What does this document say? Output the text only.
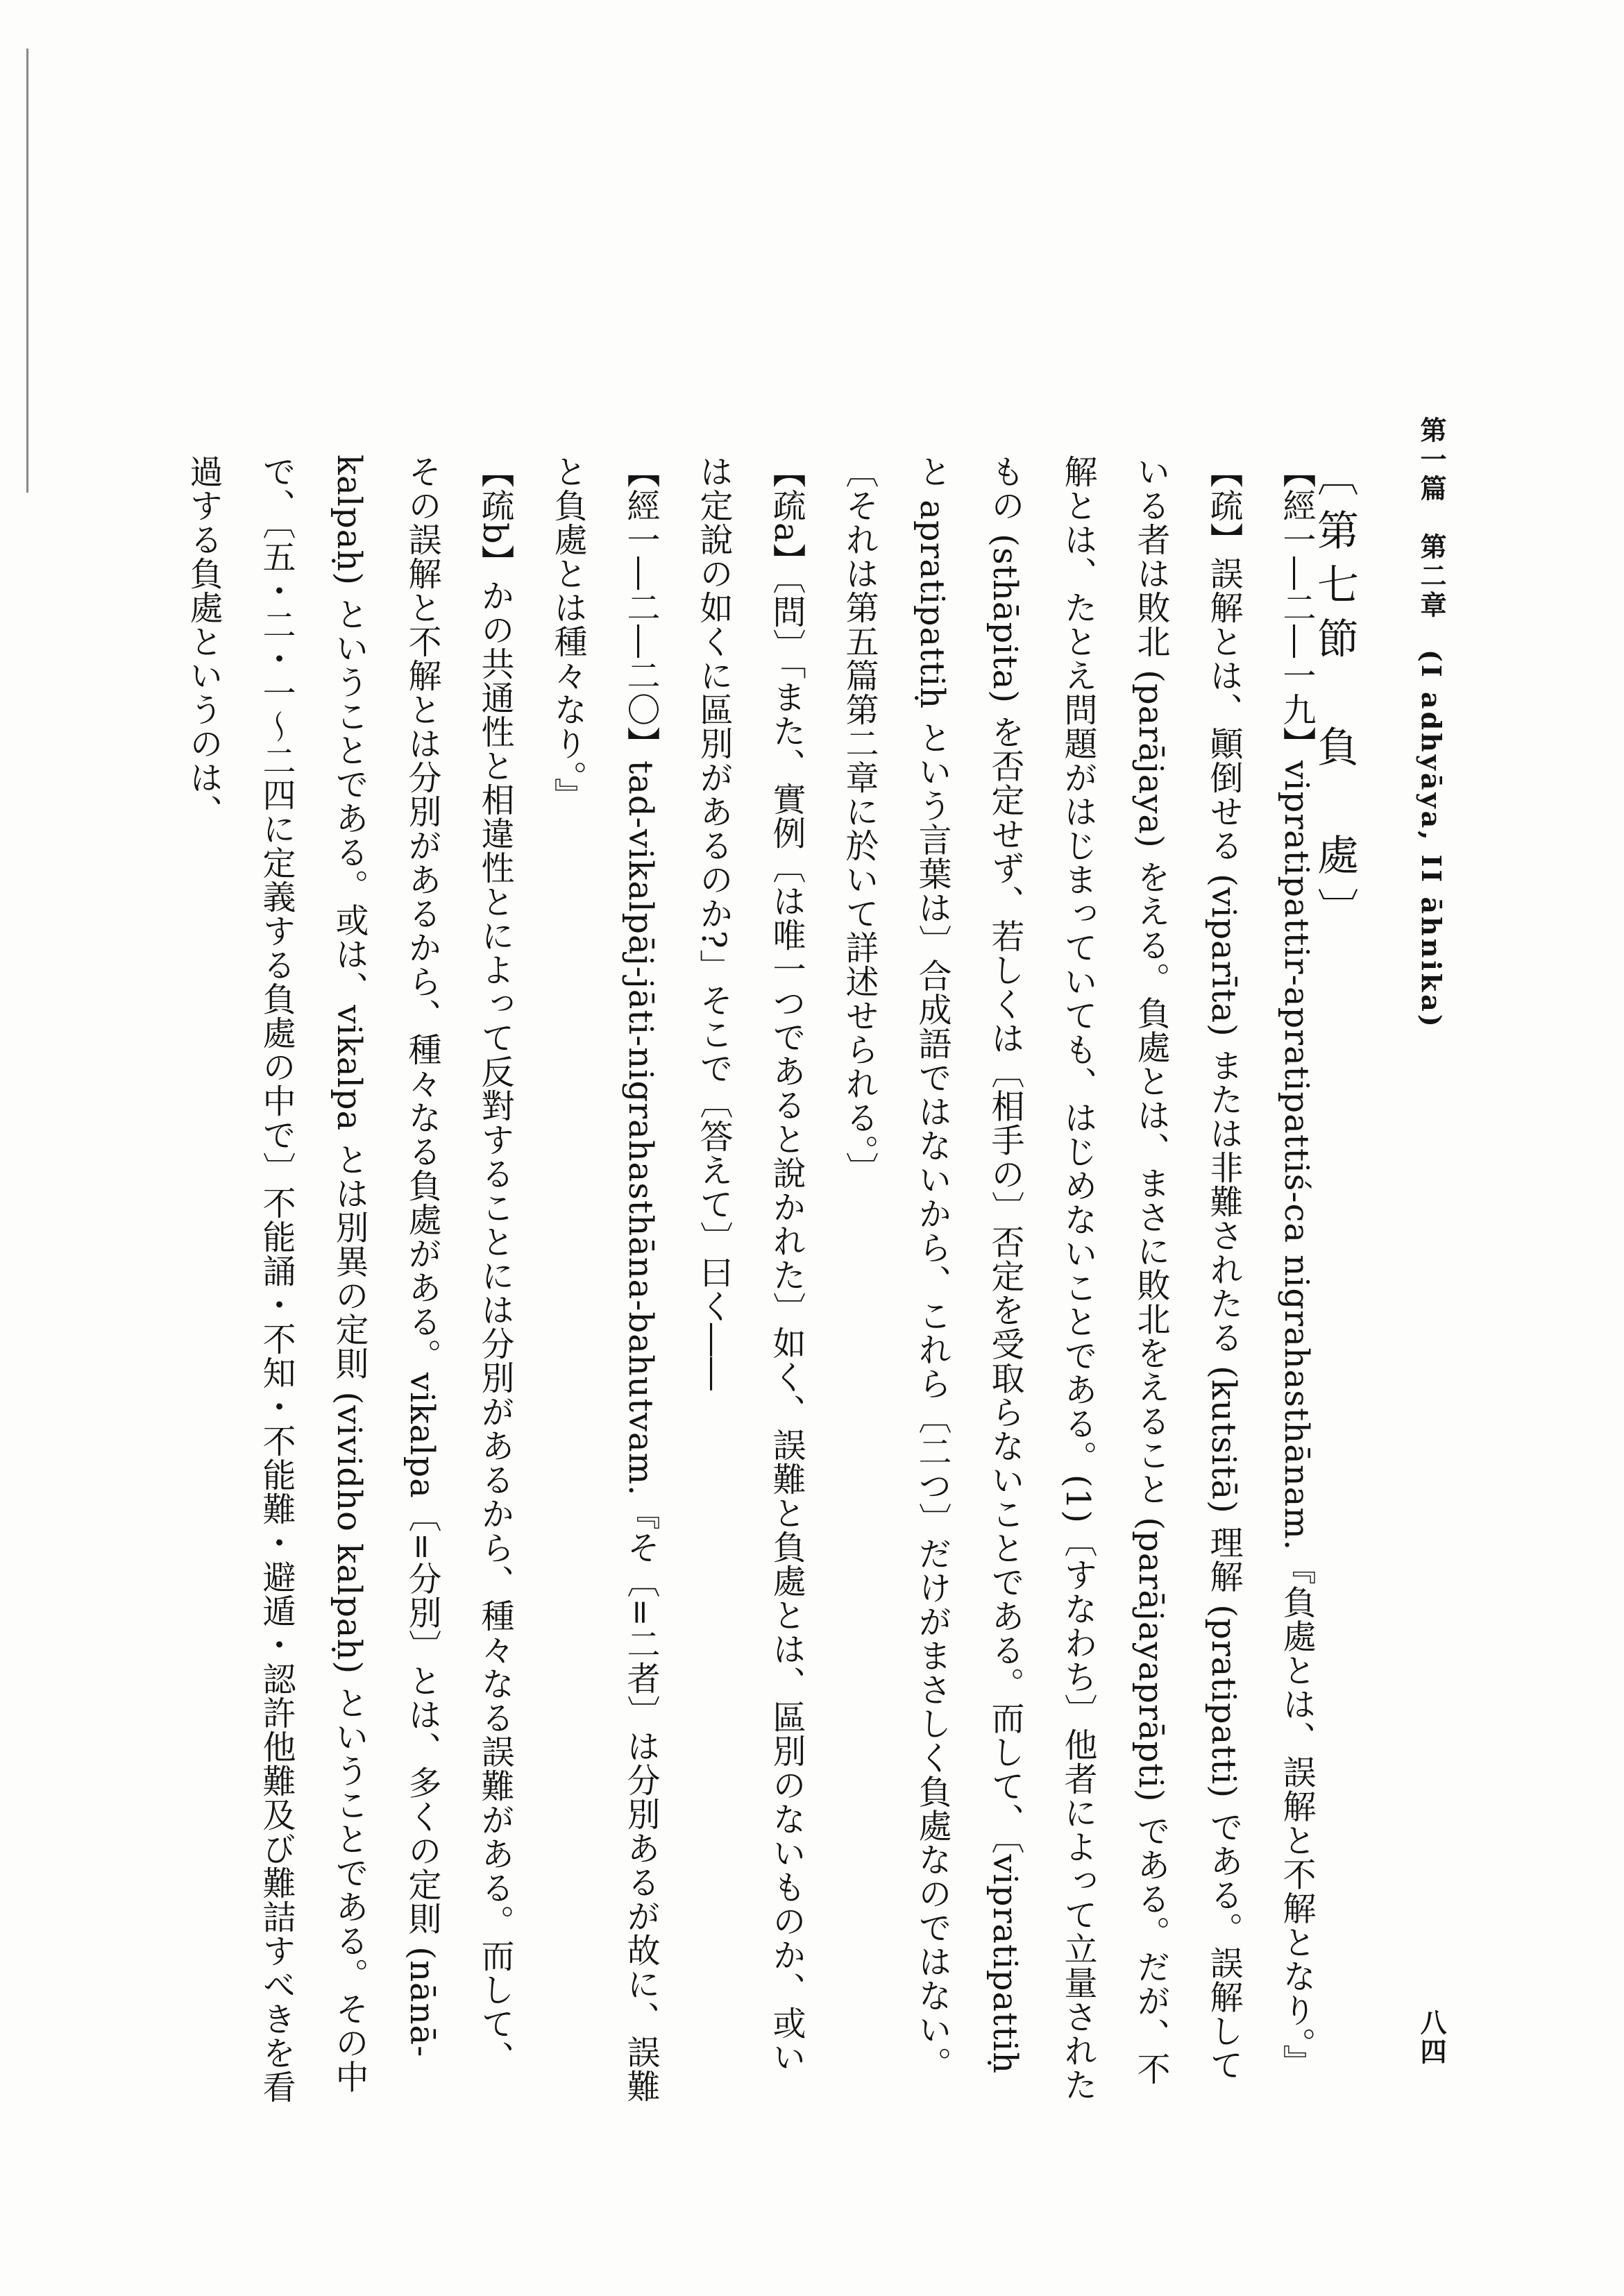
第一篇　第二章　(I adhyāya, II āhnika)
八四
〔第七節　負　處〕

【經一―二―一九】vipratipattir-apratipattiś-ca nigrahasthānam.『負處とは、誤解と不解となり。』

【疏】誤解とは、顚倒せる (viparīta) または非難されたる (kutsitā) 理解 (pratipatti) である。誤解している者は敗北 (parājaya) をえる。負處とは、まさに敗北をえること (parājayaprāpti) である。だが、不解とは、たとえ問題がはじまっていても、はじめないことである。(1)〔すなわち〕他者によって立量されたもの (sthāpita) を否定せず、若しくは〔相手の〕否定を受取らないことである。而して、〔vipratipattiḥ と apratipattiḥ という言葉は〕合成語ではないから、これら〔二つ〕だけがまさしく負處なのではない。〔それは第五篇第二章に於いて詳述せられる。〕

【疏a】〔問〕「また、實例〔は唯一つであると說かれた〕如く、誤難と負處とは、區別のないものか、或いは定說の如くに區別があるのか?」そこで〔答えて〕曰く――

【經一―二―二〇】tad-vikalpāj-jāti-nigrahasthāna-bahutvam.『そ〔=二者〕は分別あるが故に、誤難と負處とは種々なり。』

【疏b】かの共通性と相違性とによって反對することには分別があるから、種々なる誤難がある。而して、その誤解と不解とは分別があるから、種々なる負處がある。vikalpa〔=分別〕とは、多くの定則 (nānā-kalpaḥ) ということである。或は、vikalpa とは別異の定則 (vividho kalpaḥ) ということである。その中で、〔五・二・一〜二四に定義する負處の中で〕不能誦・不知・不能難・避遁・認許他難及び難詰すべきを看過する負處というのは、
